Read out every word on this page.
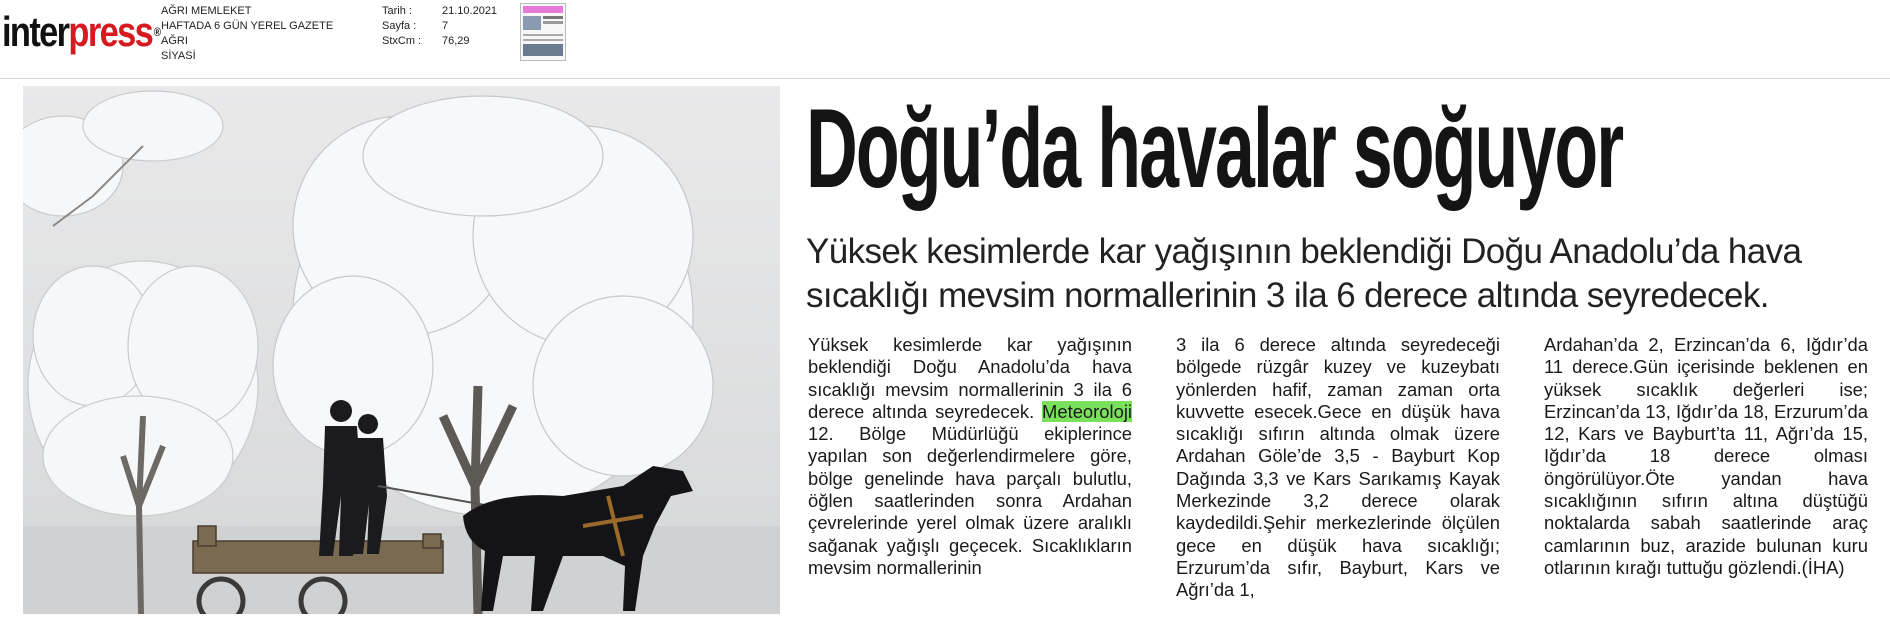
interpress ®
AĞRI MEMLEKET
HAFTADA 6 GÜN YEREL GAZETE
AĞRI
SİYASİ
Tarih :	21.10.2021
Sayfa :	7
StxCm :	76,29
Doğu’da havalar soğuyor

Yüksek kesimlerde kar yağışının beklendiği Doğu Anadolu’da hava sıcaklığı mevsim normallerinin 3 ila 6 derece altında seyredecek.

Yüksek kesimlerde kar yağışının beklendiği Doğu Anadolu’da hava sıcaklığı mevsim normallerinin 3 ila 6 derece altında seyredecek. Meteoroloji 12. Bölge Müdürlüğü ekiplerince yapılan son değerlendirmelere göre, bölge genelinde hava parçalı bulutlu, öğlen saatlerinden sonra Ardahan çevrelerinde yerel olmak üzere aralıklı sağanak yağışlı geçecek. Sıcaklıkların mevsim normallerinin

3 ila 6 derece altında seyredeceği bölgede rüzgâr kuzey ve kuzeybatı yönlerden hafif, zaman zaman orta kuvvette esecek.Gece en düşük hava sıcaklığı sıfırın altında olmak üzere Ardahan Göle’de 3,5 - Bayburt Kop Dağında 3,3 ve Kars Sarıkamış Kayak Merkezinde 3,2 derece olarak kaydedildi.Şehir merkezlerinde ölçülen gece en düşük hava sıcaklığı; Erzurum’da sıfır, Bayburt, Kars ve Ağrı’da 1,

Ardahan’da 2, Erzincan’da 6, Iğdır’da 11 derece.Gün içerisinde beklenen en yüksek sıcaklık değerleri ise; Erzincan’da 13, Iğdır’da 18, Erzurum’da 12, Kars ve Bayburt’ta 11, Ağrı’da 15, Iğdır’da 18 derece olması öngörülüyor.Öte yandan hava sıcaklığının sıfırın altına düştüğü noktalarda sabah saatlerinde araç camlarının buz, arazide bulunan kuru otlarının kırağı tuttuğu gözlendi.(İHA)
